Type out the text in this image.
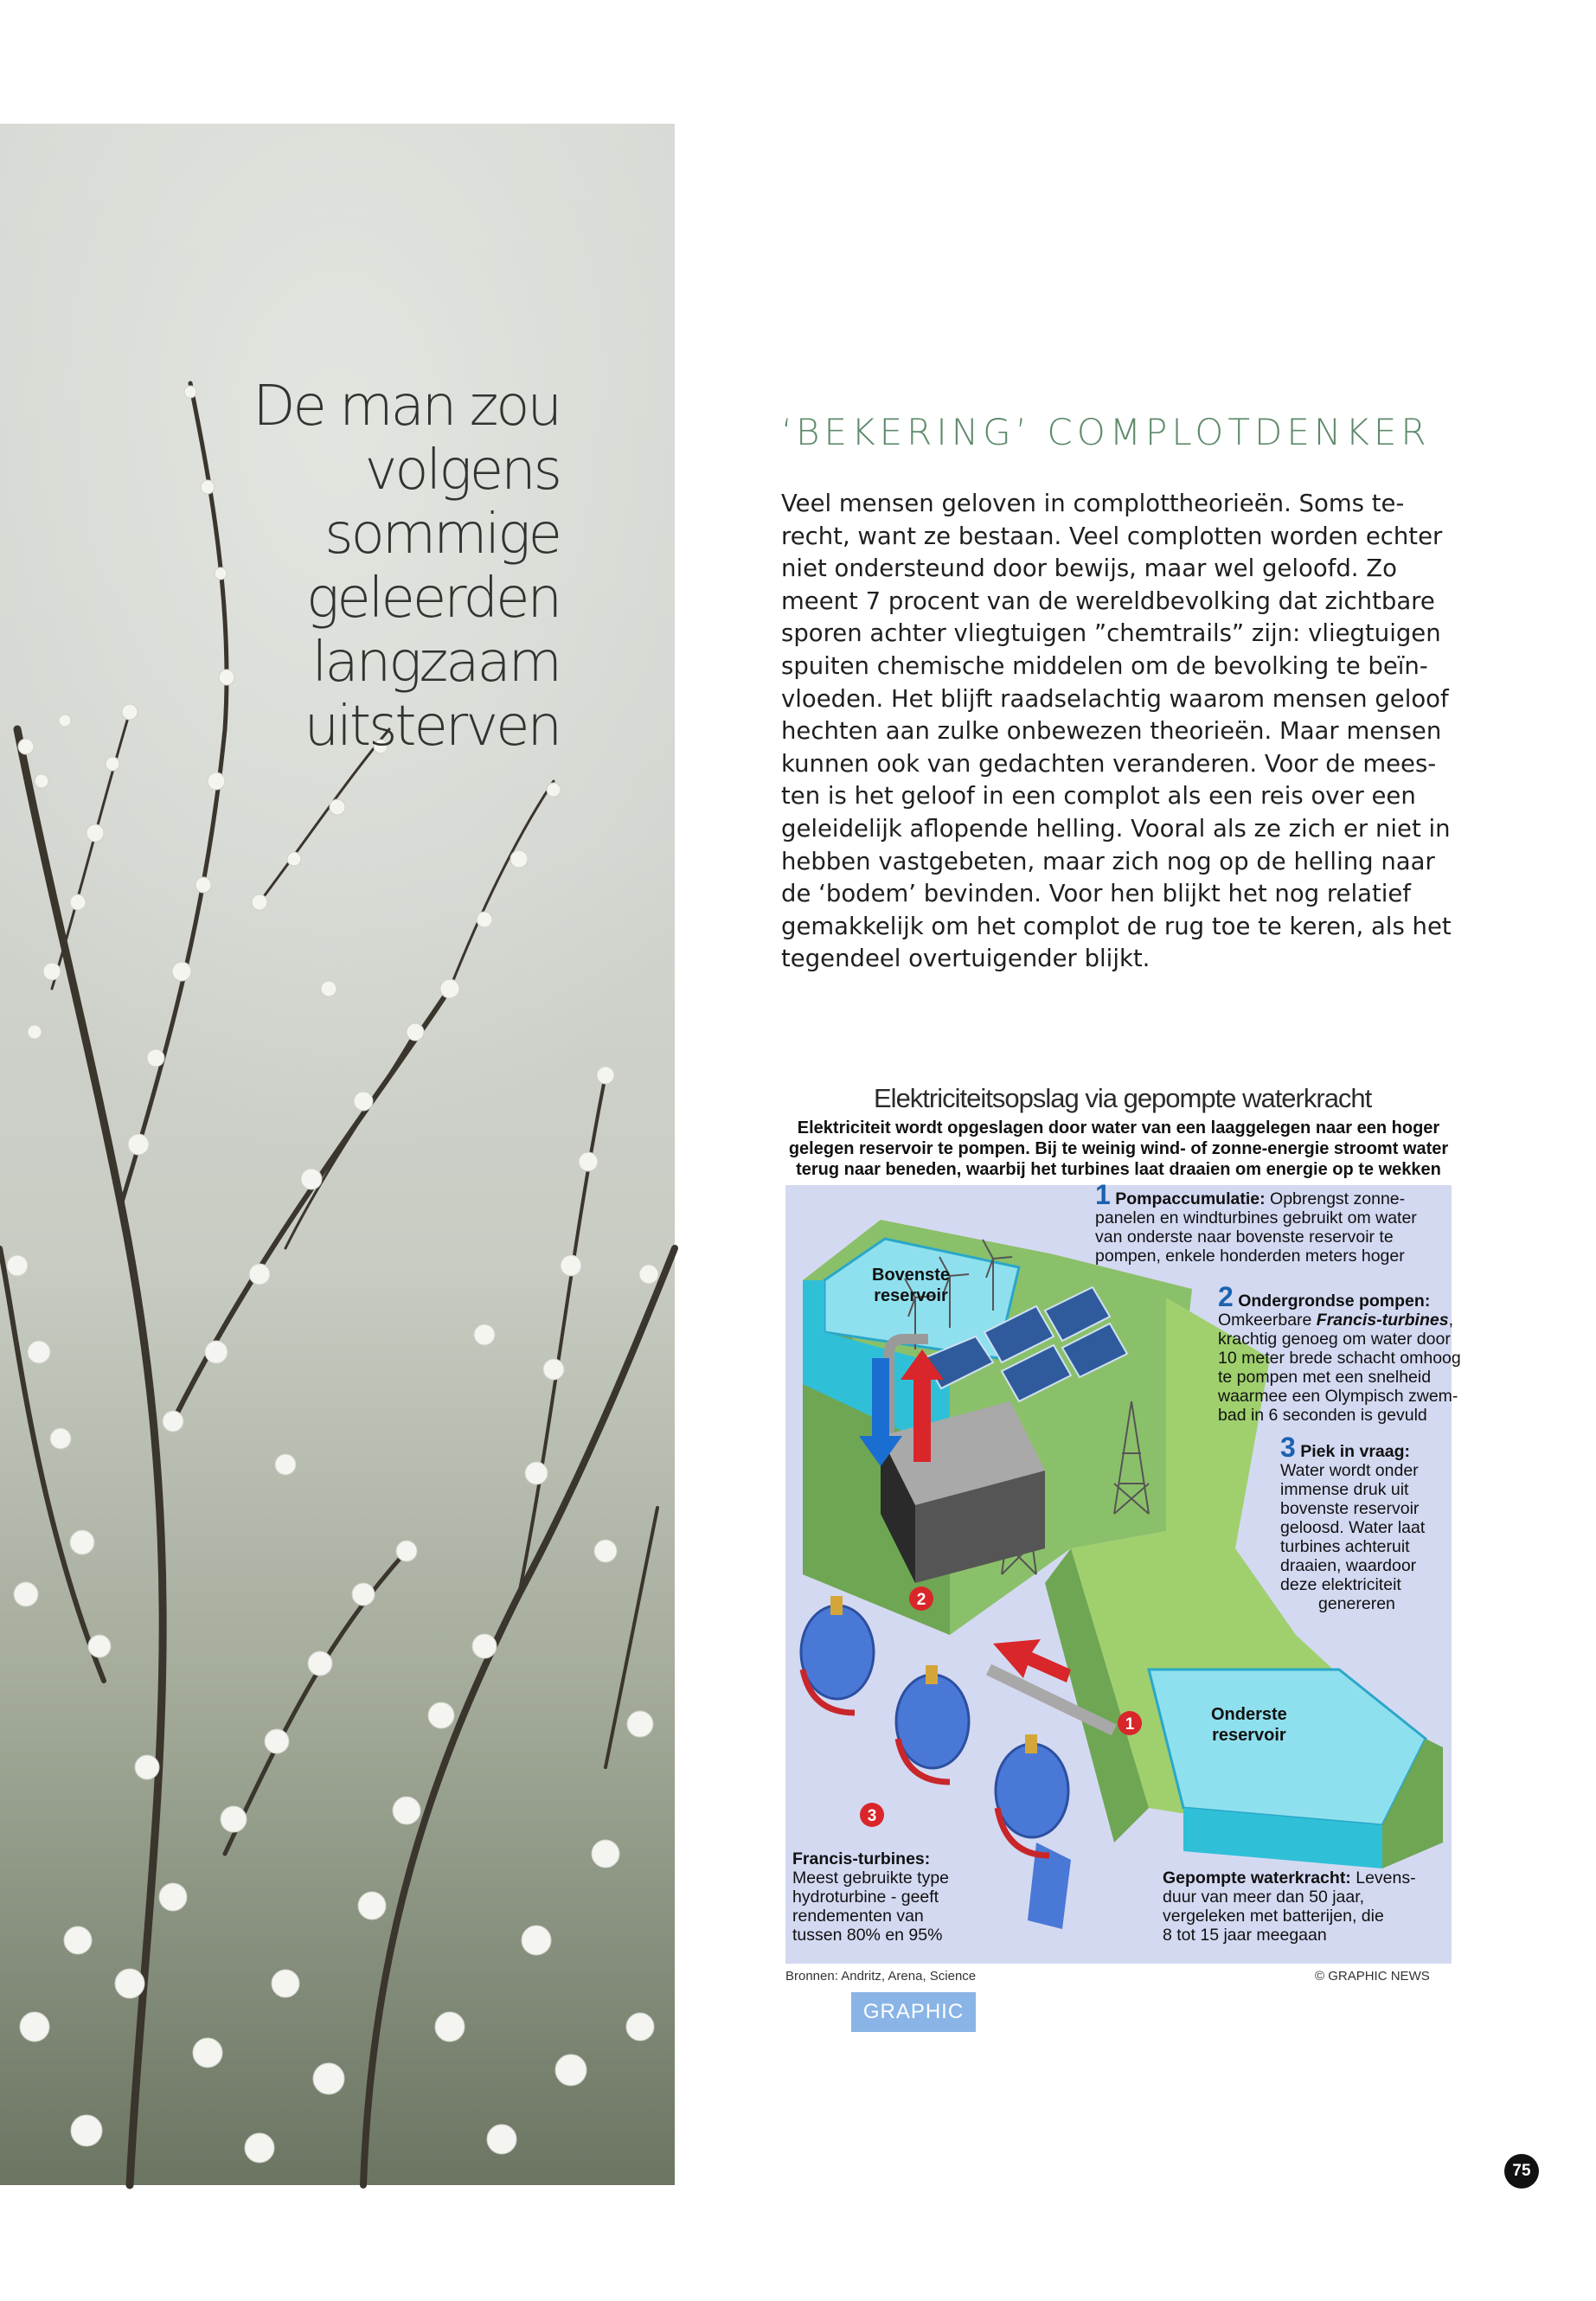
De man zou
volgens
sommige
geleerden
langzaam
uitsterven
‘BEKERING’ COMPLOTDENKER
Veel mensen geloven in complottheorieën. Soms te-
recht, want ze bestaan. Veel complotten worden echter
niet ondersteund door bewijs, maar wel geloofd. Zo
meent 7 procent van de wereldbevolking dat zichtbare
sporen achter vliegtuigen ”chemtrails” zijn: vliegtuigen
spuiten chemische middelen om de bevolking te beïn-
vloeden. Het blijft raadselachtig waarom mensen geloof
hechten aan zulke onbewezen theorieën. Maar mensen
kunnen ook van gedachten veranderen. Voor de mees-
ten is het geloof in een complot als een reis over een
geleidelijk aflopende helling. Vooral als ze zich er niet in
hebben vastgebeten, maar zich nog op de helling naar
de ‘bodem’ bevinden. Voor hen blijkt het nog relatief
gemakkelijk om het complot de rug toe te keren, als het
tegendeel overtuigender blijkt.
Elektriciteitsopslag via gepompte waterkracht
Elektriciteit wordt opgeslagen door water van een laaggelegen naar een hoger
gelegen reservoir te pompen. Bij te weinig wind- of zonne-energie stroomt water
terug naar beneden, waarbij het turbines laat draaien om energie op te wekken
2
1
3
Bovenste
reservoir
Onderste
reservoir
1 Pompaccumulatie: Opbrengst zonne-
panelen en windturbines gebruikt om water
van onderste naar bovenste reservoir te
pompen, enkele honderden meters hoger
2 Ondergrondse pompen:
Omkeerbare Francis-turbines,
krachtig genoeg om water door
10 meter brede schacht omhoog
te pompen met een snelheid
waarmee een Olympisch zwem-
bad in 6 seconden is gevuld
3 Piek in vraag:
Water wordt onder
immense druk uit
bovenste reservoir
geloosd. Water laat
turbines achteruit
draaien, waardoor
deze elektriciteit
genereren
Francis-turbines:
Meest gebruikte type
hydroturbine - geeft
rendementen van
tussen 80% en 95%
Gepompte waterkracht: Levens-
duur van meer dan 50 jaar,
vergeleken met batterijen, die
8 tot 15 jaar meegaan
Bronnen: Andritz, Arena, Science	© GRAPHIC NEWS
GRAPHIC
75
